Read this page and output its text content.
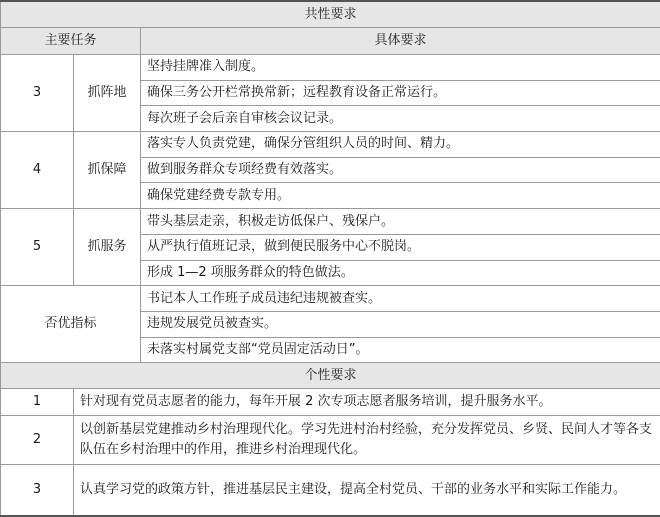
共性要求		
主要任务		具体要求
3	抓阵地	坚持挂牌准入制度。
		确保三务公开栏常换常新；远程教育设备正常运行。
		每次班子会后亲自审核会议记录。
4	抓保障	落实专人负责党建，确保分管组织人员的时间、精力。
		做到服务群众专项经费有效落实。
		确保党建经费专款专用。
5	抓服务	带头基层走亲，积极走访低保户、残保户。
		从严执行值班记录，做到便民服务中心不脱岗。
		形成 1—2 项服务群众的特色做法。
否优指标		书记本人工作班子成员违纪违规被查实。
		违规发展党员被查实。
		未落实村属党支部“党员固定活动日”。
个性要求		
1	针对现有党员志愿者的能力，每年开展 2 次专项志愿者服务培训，提升服务水平。	
2	以创新基层党建推动乡村治理现代化。学习先进村治村经验，充分发挥党员、乡贤、民间人才等各支队伍在乡村治理中的作用，推进乡村治理现代化。	
3	认真学习党的政策方针，推进基层民主建设，提高全村党员、干部的业务水平和实际工作能力。	
